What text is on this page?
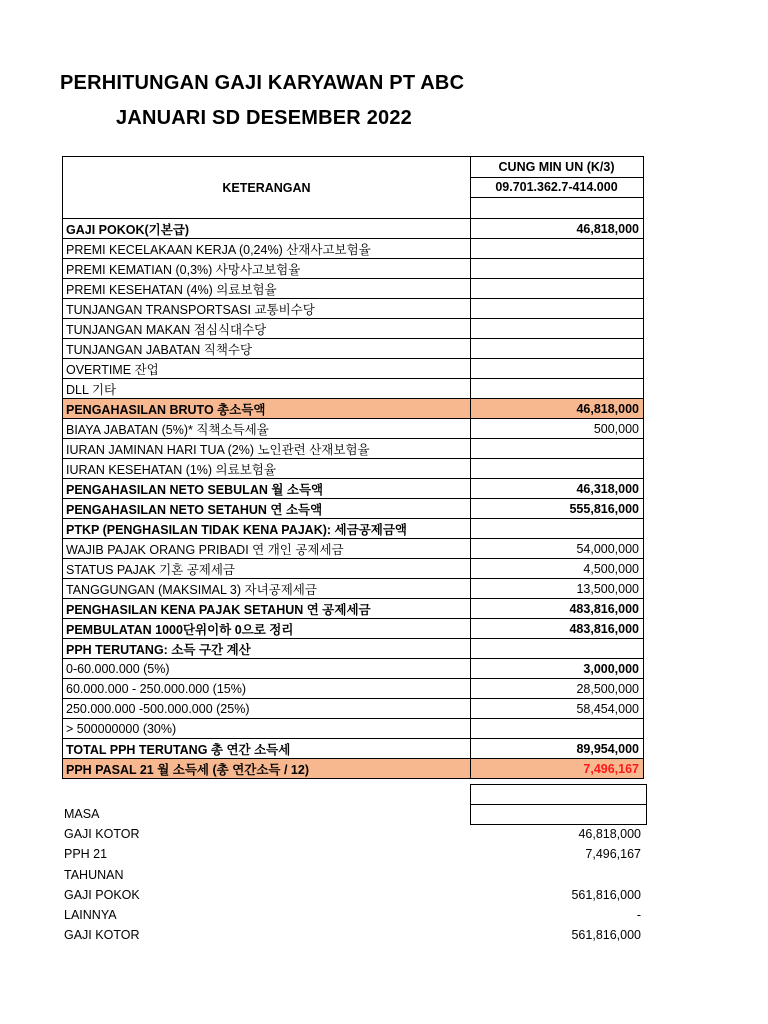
PERHITUNGAN GAJI KARYAWAN PT ABC
JANUARI SD DESEMBER 2022
KETERANGAN	CUNG MIN UN (K/3)
	09.701.362.7-414.000

GAJI POKOK(기본급)	46,818,000
PREMI KECELAKAAN KERJA (0,24%) 산재사고보험율	
PREMI KEMATIAN (0,3%) 사망사고보험율	
PREMI KESEHATAN (4%) 의료보험율	
TUNJANGAN TRANSPORTSASI 교통비수당	
TUNJANGAN MAKAN 점심식대수당	
TUNJANGAN JABATAN 직책수당	
OVERTIME 잔업	
DLL 기타	
PENGAHASILAN BRUTO 총소득액	46,818,000
BIAYA JABATAN (5%)* 직책소득세율	500,000
IURAN JAMINAN HARI TUA (2%) 노인관련 산재보험율	
IURAN KESEHATAN (1%) 의료보험율	
PENGAHASILAN NETO SEBULAN 월 소득액	46,318,000
PENGAHASILAN NETO SETAHUN 연 소득액	555,816,000
PTKP (PENGHASILAN TIDAK KENA PAJAK): 세금공제금액	
WAJIB PAJAK ORANG PRIBADI 연 개인 공제세금	54,000,000
STATUS PAJAK 기혼 공제세금	4,500,000
TANGGUNGAN (MAKSIMAL 3) 자녀공제세금	13,500,000
PENGHASILAN KENA PAJAK SETAHUN 연 공제세금	483,816,000
PEMBULATAN 1000단위이하 0으로 정리	483,816,000
PPH TERUTANG: 소득 구간 계산	
0-60.000.000 (5%)	3,000,000
60.000.000 - 250.000.000 (15%)	28,500,000
250.000.000 -500.000.000 (25%)	58,454,000
> 500000000 (30%)	
TOTAL PPH TERUTANG 총 연간 소득세	89,954,000
PPH PASAL 21 월 소득세 (총 연간소득 / 12)	7,496,167
MASA
GAJI KOTOR	46,818,000
PPH 21	7,496,167
TAHUNAN
GAJI POKOK	561,816,000
LAINNYA	-
GAJI KOTOR	561,816,000
